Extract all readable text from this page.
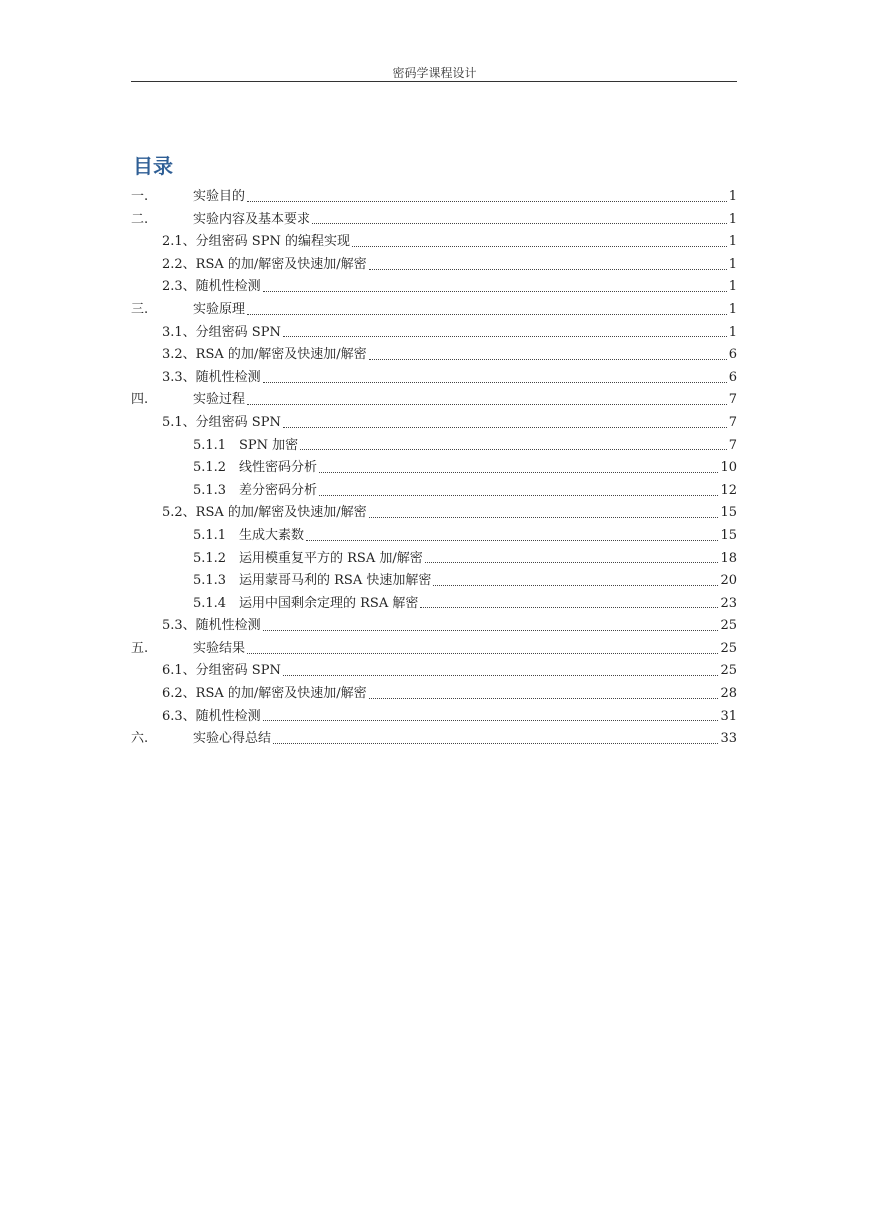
密码学课程设计
目录
一.	实验目的	1
二.	实验内容及基本要求	1
2.1、分组密码 SPN 的编程实现	1
2.2、RSA 的加/解密及快速加/解密	1
2.3、随机性检测	1
三.	实验原理	1
3.1、分组密码 SPN	1
3.2、RSA 的加/解密及快速加/解密	6
3.3、随机性检测	6
四.	实验过程	7
5.1、分组密码 SPN	7
5.1.1 SPN 加密	7
5.1.2 线性密码分析	10
5.1.3 差分密码分析	12
5.2、RSA 的加/解密及快速加/解密	15
5.1.1 生成大素数	15
5.1.2 运用模重复平方的 RSA 加/解密	18
5.1.3 运用蒙哥马利的 RSA 快速加解密	20
5.1.4 运用中国剩余定理的 RSA 解密	23
5.3、随机性检测	25
五.	实验结果	25
6.1、分组密码 SPN	25
6.2、RSA 的加/解密及快速加/解密	28
6.3、随机性检测	31
六.	实验心得总结	33
